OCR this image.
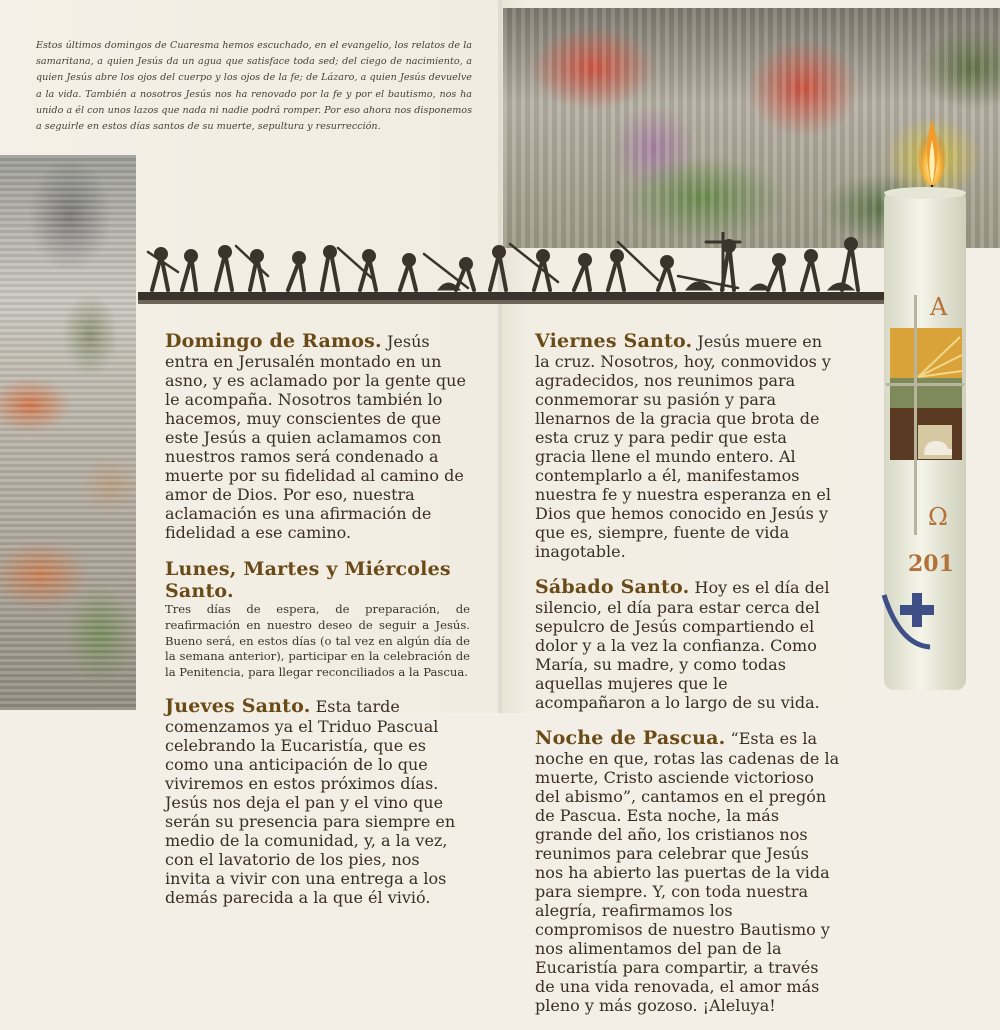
Estos últimos domingos de Cuaresma hemos escuchado, en el evangelio, los relatos de la samaritana, a quien Jesús da un agua que satisface toda sed; del ciego de nacimiento, a quien Jesús abre los ojos del cuerpo y los ojos de la fe; de Lázaro, a quien Jesús devuelve a la vida. También a nosotros Jesús nos ha renovado por la fe y por el bautismo, nos ha unido a él con unos lazos que nada ni nadie podrá romper. Por eso ahora nos disponemos a seguirle en estos días santos de su muerte, sepultura y resurrección.

Α
Ω
201

Domingo de Ramos. Jesús entra en Jerusalén montado en un asno, y es aclamado por la gente que le acompaña. Nosotros también lo hacemos, muy conscientes de que este Jesús a quien aclamamos con nuestros ramos será condenado a muerte por su fidelidad al camino de amor de Dios. Por eso, nuestra aclamación es una afirmación de fidelidad a ese camino.

Lunes, Martes y Miércoles Santo.

Tres días de espera, de preparación, de reafirmación en nuestro deseo de seguir a Jesús. Bueno será, en estos días (o tal vez en algún día de la semana anterior), participar en la celebración de la Penitencia, para llegar reconciliados a la Pascua.

Jueves Santo. Esta tarde comenzamos ya el Triduo Pascual celebrando la Eucaristía, que es como una anticipación de lo que viviremos en estos próximos días. Jesús nos deja el pan y el vino que serán su presencia para siempre en medio de la comunidad, y, a la vez, con el lavatorio de los pies, nos invita a vivir con una entrega a los demás parecida a la que él vivió.

Viernes Santo. Jesús muere en la cruz. Nosotros, hoy, conmovidos y agradecidos, nos reunimos para conmemorar su pasión y para llenarnos de la gracia que brota de esta cruz y para pedir que esta gracia llene el mundo entero. Al contemplarlo a él, manifestamos nuestra fe y nuestra esperanza en el Dios que hemos conocido en Jesús y que es, siempre, fuente de vida inagotable.

Sábado Santo. Hoy es el día del silencio, el día para estar cerca del sepulcro de Jesús compartiendo el dolor y a la vez la confianza. Como María, su madre, y como todas aquellas mujeres que le acompañaron a lo largo de su vida.

Noche de Pascua. “Esta es la noche en que, rotas las cadenas de la muerte, Cristo asciende victorioso del abismo”, cantamos en el pregón de Pascua. Esta noche, la más grande del año, los cristianos nos reunimos para celebrar que Jesús nos ha abierto las puertas de la vida para siempre. Y, con toda nuestra alegría, reafirmamos los compromisos de nuestro Bautismo y nos alimentamos del pan de la Eucaristía para compartir, a través de una vida renovada, el amor más pleno y más gozoso. ¡Aleluya!
